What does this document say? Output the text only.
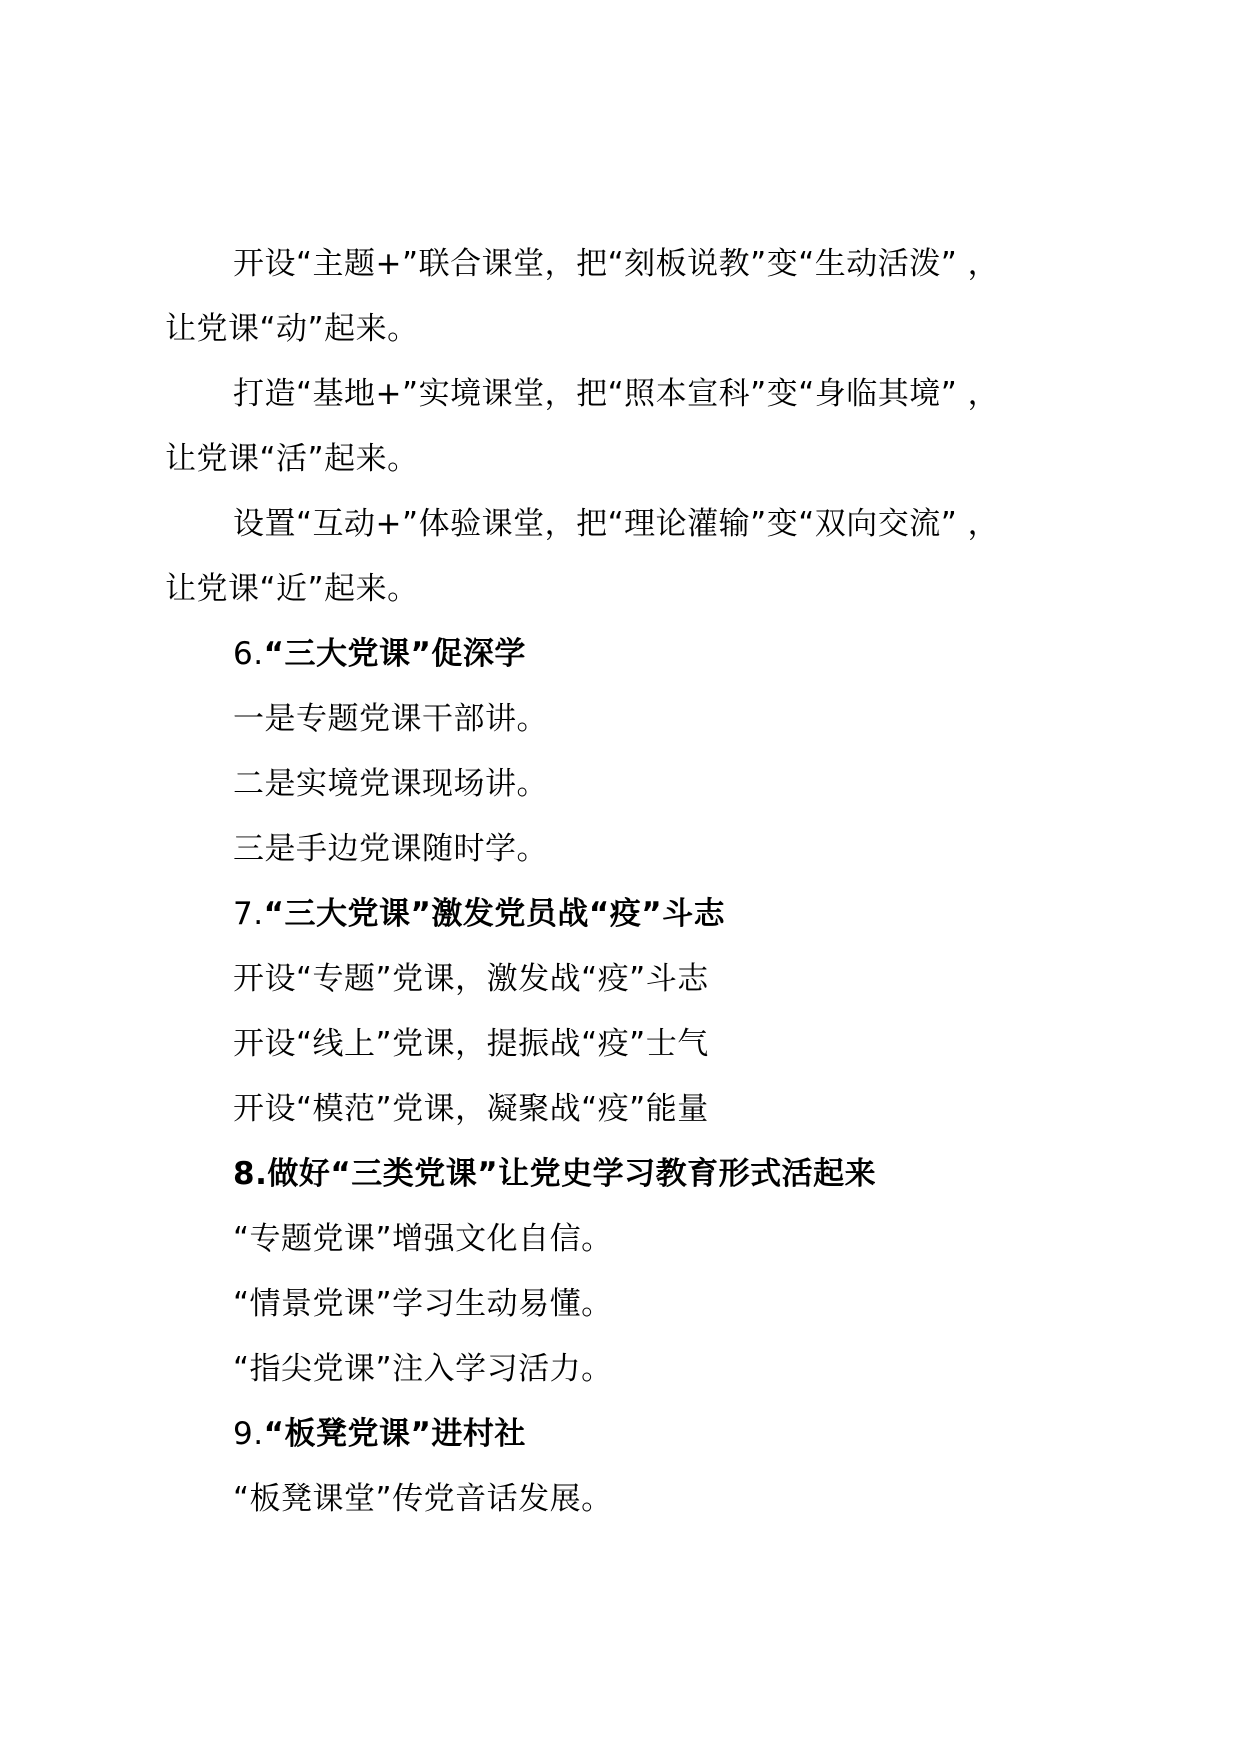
开设“主题+”联合课堂，把“刻板说教”变“生动活泼” ，
让党课“动”起来。
打造“基地+”实境课堂，把“照本宣科”变“身临其境” ，
让党课“活”起来。
设置“互动+”体验课堂，把“理论灌输”变“双向交流” ，
让党课“近”起来。
6.“三大党课”促深学
一是专题党课干部讲。
二是实境党课现场讲。
三是手边党课随时学。
7.“三大党课”激发党员战“疫”斗志
开设“专题”党课，激发战“疫”斗志
开设“线上”党课，提振战“疫”士气
开设“模范”党课，凝聚战“疫”能量
8.做好“三类党课”让党史学习教育形式活起来
“专题党课”增强文化自信。
“情景党课”学习生动易懂。
“指尖党课”注入学习活力。
9.“板凳党课”进村社
“板凳课堂”传党音话发展。
